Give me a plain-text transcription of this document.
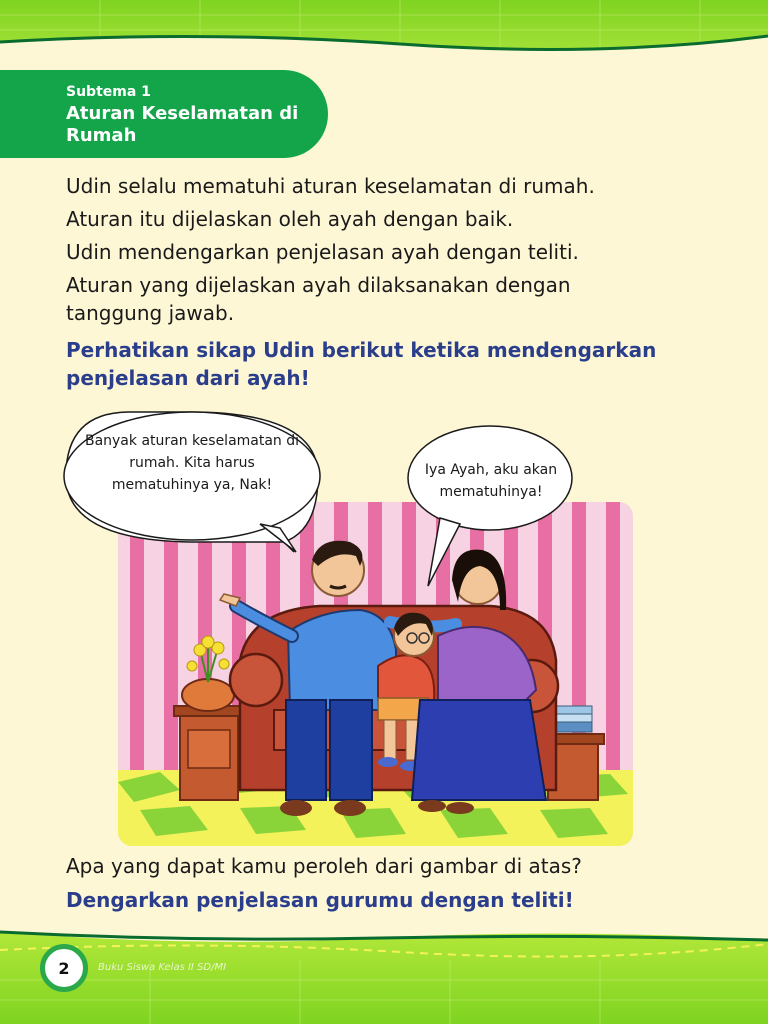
Subtema 1
Aturan Keselamatan di Rumah
Udin selalu mematuhi aturan keselamatan di rumah.
Aturan itu dijelaskan oleh ayah dengan baik.
Udin mendengarkan penjelasan ayah dengan teliti.
Aturan yang dijelaskan ayah dilaksanakan dengan tanggung jawab.
Perhatikan sikap Udin berikut ketika mendengarkan penjelasan dari ayah!
Banyak aturan keselamatan di rumah. Kita harus mematuhinya ya, Nak!
Iya Ayah, aku akan mematuhinya!
Apa yang dapat kamu peroleh dari gambar di atas?
Dengarkan penjelasan gurumu dengan teliti!
2	Buku Siswa Kelas II SD/MI
